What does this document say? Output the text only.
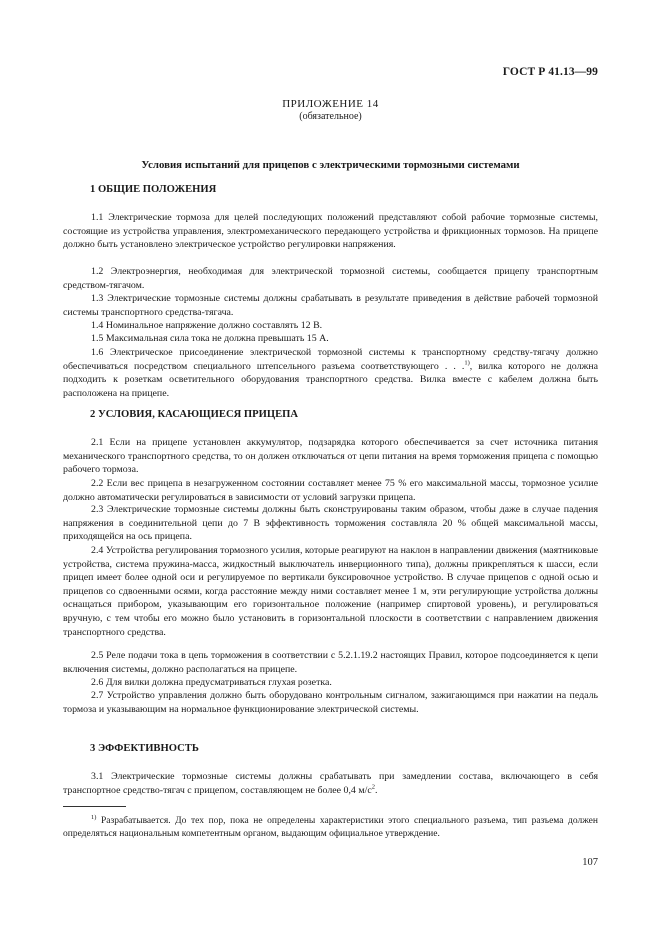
ГОСТ Р 41.13—99
ПРИЛОЖЕНИЕ 14
(обязательное)
Условия испытаний для прицепов с электрическими тормозными системами
1 ОБЩИЕ ПОЛОЖЕНИЯ

1.1 Электрические тормоза для целей последующих положений представляют собой рабочие тормозные системы, состоящие из устройства управления, электромеханического передающего устройства и фрикционных тормозов. На прицепе должно быть установлено электрическое устройство регулировки напряжения.

1.2 Электроэнергия, необходимая для электрической тормозной системы, сообщается прицепу транспортным средством-тягачом.

1.3 Электрические тормозные системы должны срабатывать в результате приведения в действие рабочей тормозной системы транспортного средства-тягача.

1.4 Номинальное напряжение должно составлять 12 В.

1.5 Максимальная сила тока не должна превышать 15 А.

1.6 Электрическое присоединение электрической тормозной системы к транспортному средству-тягачу должно обеспечиваться посредством специального штепсельного разъема соответствующего . . .$^{1)}$, вилка которого не должна подходить к розеткам осветительного оборудования транспортного средства. Вилка вместе с кабелем должна быть расположена на прицепе.

2 УСЛОВИЯ, КАСАЮЩИЕСЯ ПРИЦЕПА

2.1 Если на прицепе установлен аккумулятор, подзарядка которого обеспечивается за счет источника питания механического транспортного средства, то он должен отключаться от цепи питания на время торможения прицепа с помощью рабочего тормоза.

2.2 Если вес прицепа в незагруженном состоянии составляет менее 75 % его максимальной массы, тормозное усилие должно автоматически регулироваться в зависимости от условий загрузки прицепа.

2.3 Электрические тормозные системы должны быть сконструированы таким образом, чтобы даже в случае падения напряжения в соединительной цепи до 7 В эффективность торможения составляла 20 % общей максимальной массы, приходящейся на ось прицепа.

2.4 Устройства регулирования тормозного усилия, которые реагируют на наклон в направлении движения (маятниковые устройства, система пружина-масса, жидкостный выключатель инверционного типа), должны прикрепляться к шасси, если прицеп имеет более одной оси и регулируемое по вертикали буксировочное устройство. В случае прицепов с одной осью и прицепов со сдвоенными осями, когда расстояние между ними составляет менее 1 м, эти регулирующие устройства должны оснащаться прибором, указывающим его горизонтальное положение (например спиртовой уровень), и регулироваться вручную, с тем чтобы его можно было установить в горизонтальной плоскости в соответствии с направлением движения транспортного средства.

2.5 Реле подачи тока в цепь торможения в соответствии с 5.2.1.19.2 настоящих Правил, которое подсоединяется к цепи включения системы, должно располагаться на прицепе.

2.6 Для вилки должна предусматриваться глухая розетка.

2.7 Устройство управления должно быть оборудовано контрольным сигналом, зажигающимся при нажатии на педаль тормоза и указывающим на нормальное функционирование электрической системы.

3 ЭФФЕКТИВНОСТЬ

3.1 Электрические тормозные системы должны срабатывать при замедлении состава, включающего в себя транспортное средство-тягач с прицепом, составляющем не более 0,4 $м/с^2$.

$^{1)}$ Разрабатывается. До тех пор, пока не определены характеристики этого специального разъема, тип разъема должен определяться национальным компетентным органом, выдающим официальное утверждение.

107
